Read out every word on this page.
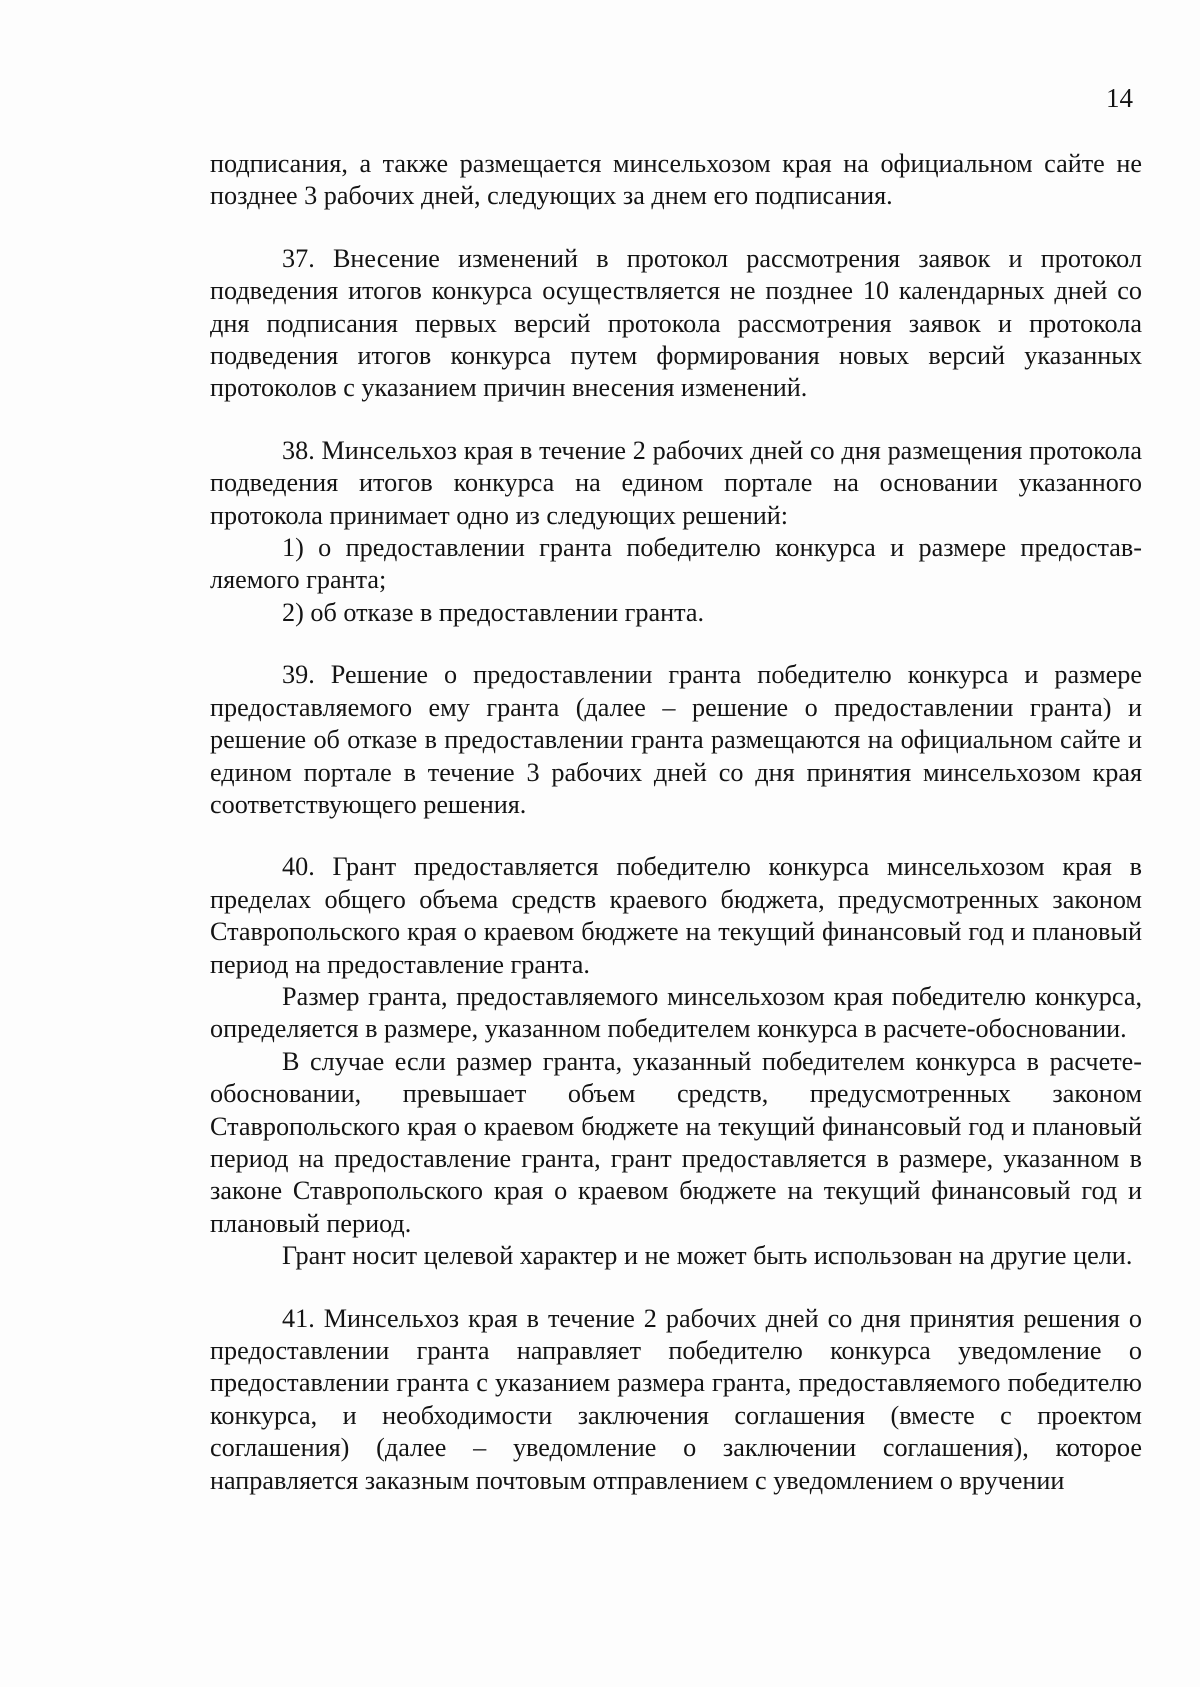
14

подписания, а также размещается минсельхозом края на официальном сайте не позднее 3 рабочих дней, следующих за днем его подписания.

37. Внесение изменений в протокол рассмотрения заявок и протокол подведения итогов конкурса осуществляется не позднее 10 календарных дней со дня подписания первых версий протокола рассмотрения заявок и протокола подведения итогов конкурса путем формирования новых версий указанных протоколов с указанием причин внесения изменений.

38. Минсельхоз края в течение 2 рабочих дней со дня размещения протокола подведения итогов конкурса на едином портале на основании указанного протокола принимает одно из следующих решений:

1) о предоставлении гранта победителю конкурса и размере предоставляемого гранта;

2) об отказе в предоставлении гранта.

39. Решение о предоставлении гранта победителю конкурса и размере предоставляемого ему гранта (далее – решение о предоставлении гранта) и решение об отказе в предоставлении гранта размещаются на официальном сайте и едином портале в течение 3 рабочих дней со дня принятия минсельхозом края соответствующего решения.

40. Грант предоставляется победителю конкурса минсельхозом края в пределах общего объема средств краевого бюджета, предусмотренных законом Ставропольского края о краевом бюджете на текущий финансовый год и плановый период на предоставление гранта.

Размер гранта, предоставляемого минсельхозом края победителю конкурса, определяется в размере, указанном победителем конкурса в расчете-обосновании.

В случае если размер гранта, указанный победителем конкурса в расчете-обосновании, превышает объем средств, предусмотренных законом Ставропольского края о краевом бюджете на текущий финансовый год и плановый период на предоставление гранта, грант предоставляется в размере, указанном в законе Ставропольского края о краевом бюджете на текущий финансовый год и плановый период.

Грант носит целевой характер и не может быть использован на другие цели.

41. Минсельхоз края в течение 2 рабочих дней со дня принятия решения о предоставлении гранта направляет победителю конкурса уведомление о предоставлении гранта с указанием размера гранта, предоставляемого победителю конкурса, и необходимости заключения соглашения (вместе с проектом соглашения) (далее – уведомление о заключении соглашения), которое направляется заказным почтовым отправлением с уведомлением о вручении
